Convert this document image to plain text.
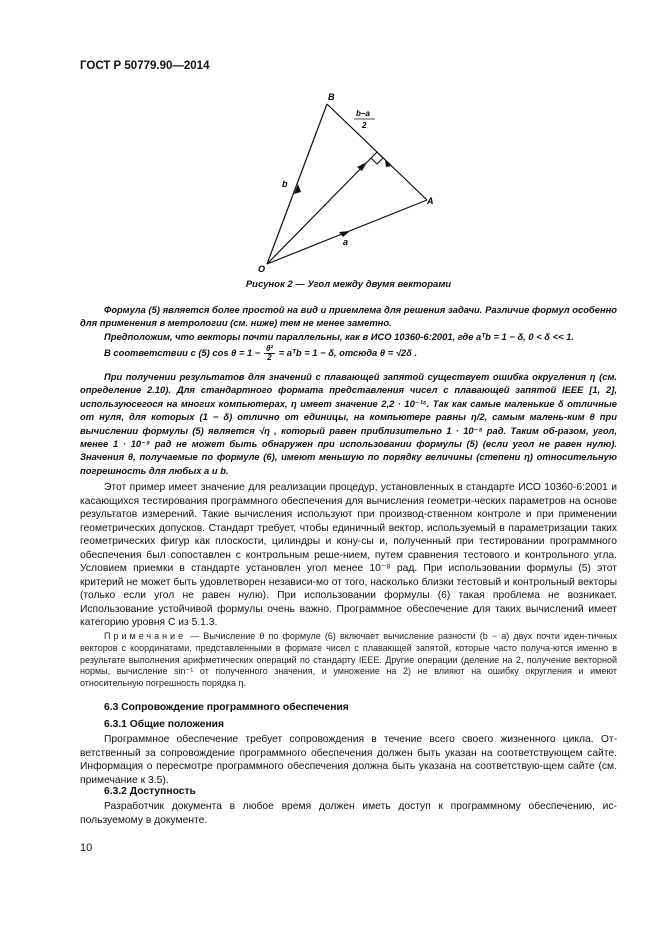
ГОСТ Р 50779.90—2014
B
A
O
b
a
b−a
2
Рисунок 2 — Угол между двумя векторами

Формула (5) является более простой на вид и приемлема для решения задачи. Различие формул особенно для применения в метрологии (см. ниже) тем не менее заметно.

Предположим, что векторы почти параллельны, как в ИСО 10360-6:2001, где aᵀb = 1 − δ, 0 < δ << 1.

В соответствии с (5) $\cos \theta = 1 - \frac{\text{θ²}}{2}$ = aᵀb = 1 − δ, отсюда θ = √2δ .

При получении результатов для значений с плавающей запятой существует ошибка округления η (см. определение 2.10). Для стандартного формата представления чисел с плавающей запятой IEEE [1, 2], используюсегося на многих компьютерах, η имеет значение 2,2 · 10⁻¹⁶. Так как самые маленькие δ отличные от нуля, для которых (1 − δ) отлично от единицы, на компьютере равны η/2, самым малень-ким θ при вычислении формулы (5) является √η , который равен приблизительно 1 · 10⁻⁸ рад. Таким об-разом, угол, менее 1 · 10⁻⁸ рад не может быть обнаружен при использовании формулы (5) (если угол не равен нулю). Значения θ, получаемые по формуле (6), имеют меньшую по порядку величины (степени η) относительную погрешность для любых a и b.

Этот пример имеет значение для реализации процедур, установленных в стандарте ИСО 10360-6:2001 и касающихся тестирования программного обеспечения для вычисления геометри-ческих параметров на основе результатов измерений. Такие вычисления используют при производ-ственном контроле и при применении геометрических допусков. Стандарт требует, чтобы единичный вектор, используемый в параметризации таких геометрических фигур как плоскости, цилиндры и кону-сы и, полученный при тестировании программного обеспечения был сопоставлен с контрольным реше-нием, путем сравнения тестового и контрольного угла. Условием приемки в стандарте установлен угол менее 10⁻⁸ рад. При использовании формулы (5) этот критерий не может быть удовлетворен независи-мо от того, насколько близки тестовый и контрольный векторы (только если угол не равен нулю). При использовании формулы (6) такая проблема не возникает. Использование устойчивой формулы очень важно. Программное обеспечение для таких вычислений имеет категорию уровня С из 5.1.3.

Примечание — Вычисление θ по формуле (6) включает вычисление разности (b − a) двух почти иден-тичных векторов с координатами, представленными в формате чисел с плавающей запятой, которые часто получа-ются именно в результате выполнения арифметических операций по стандарту IEEE. Другие операции (деление на 2, получение векторной нормы, вычисление sin⁻¹ от полученного значения, и умножение на 2) не влияют на ошибку округления и имеют относительную погрешность порядка η.

6.3 Сопровождение программного обеспечения

6.3.1 Общие положения

Программное обеспечение требует сопровождения в течение всего своего жизненного цикла. От-ветственный за сопровождение программного обеспечения должен быть указан на соответствующем сайте. Информация о пересмотре программного обеспечения должна быть указана на соответствую-щем сайте (см. примечание к 3.5).

6.3.2 Доступность

Разработчик документа в любое время должен иметь доступ к программному обеспечению, ис-пользуемому в документе.

10
